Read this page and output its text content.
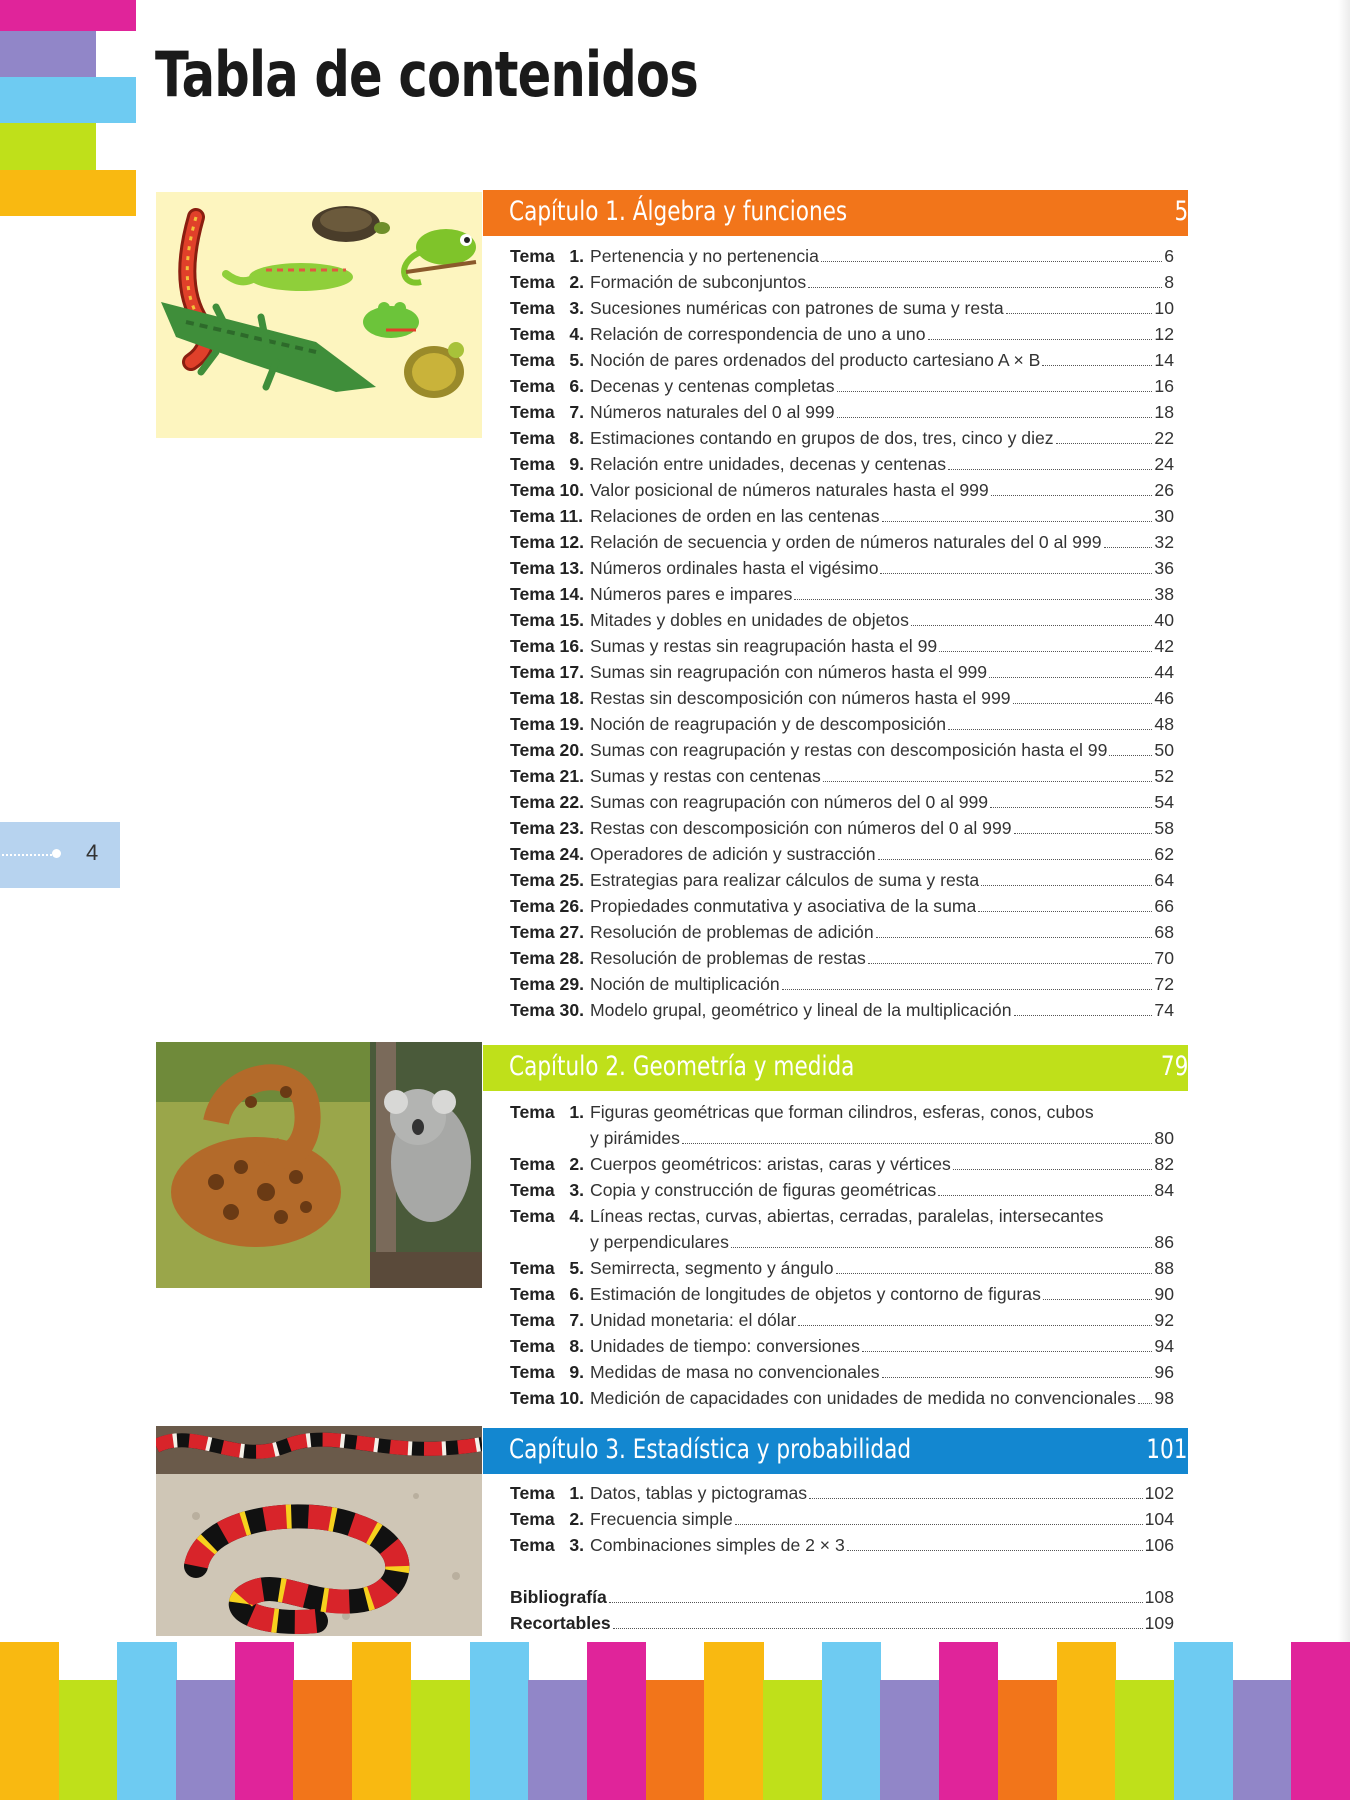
Tabla de contenidos
4
Capítulo 1. Álgebra y funciones	5
Tema   1. Pertenencia y no pertenencia	6
Tema   2. Formación de subconjuntos	8
Tema   3. Sucesiones numéricas con patrones de suma y resta	10
Tema   4. Relación de correspondencia de uno a uno	12
Tema   5. Noción de pares ordenados del producto cartesiano A × B	14
Tema   6. Decenas y centenas completas	16
Tema   7. Números naturales del 0 al 999	18
Tema   8. Estimaciones contando en grupos de dos, tres, cinco y diez	22
Tema   9. Relación entre unidades, decenas y centenas	24
Tema 10. Valor posicional de números naturales hasta el 999	26
Tema 11. Relaciones de orden en las centenas	30
Tema 12. Relación de secuencia y orden de números naturales del 0 al 999	32
Tema 13. Números ordinales hasta el vigésimo	36
Tema 14. Números pares e impares	38
Tema 15. Mitades y dobles en unidades de objetos	40
Tema 16. Sumas y restas sin reagrupación hasta el 99	42
Tema 17. Sumas sin reagrupación con números hasta el 999	44
Tema 18. Restas sin descomposición con números hasta el 999	46
Tema 19. Noción de reagrupación y de descomposición	48
Tema 20. Sumas con reagrupación y restas con descomposición hasta el 99	50
Tema 21. Sumas y restas con centenas	52
Tema 22. Sumas con reagrupación con números del 0 al 999	54
Tema 23. Restas con descomposición con números del 0 al 999	58
Tema 24. Operadores de adición y sustracción	62
Tema 25. Estrategias para realizar cálculos de suma y resta	64
Tema 26. Propiedades conmutativa y asociativa de la suma	66
Tema 27. Resolución de problemas de adición	68
Tema 28. Resolución de problemas de restas	70
Tema 29. Noción de multiplicación	72
Tema 30. Modelo grupal, geométrico y lineal de la multiplicación	74
Capítulo 2. Geometría y medida	79
Tema   1. Figuras geométricas que forman cilindros, esferas, conos, cubos
y pirámides	80
Tema   2. Cuerpos geométricos: aristas, caras y vértices	82
Tema   3. Copia y construcción de figuras geométricas	84
Tema   4. Líneas rectas, curvas, abiertas, cerradas, paralelas, intersecantes
y perpendiculares	86
Tema   5. Semirrecta, segmento y ángulo	88
Tema   6. Estimación de longitudes de objetos y contorno de figuras	90
Tema   7. Unidad monetaria: el dólar	92
Tema   8. Unidades de tiempo: conversiones	94
Tema   9. Medidas de masa no convencionales	96
Tema 10. Medición de capacidades con unidades de medida no convencionales 98
Capítulo 3. Estadística y probabilidad	101
Tema   1. Datos, tablas y pictogramas	102
Tema   2. Frecuencia simple	104
Tema   3. Combinaciones simples de 2 × 3	106
Bibliografía	108
Recortables	109
